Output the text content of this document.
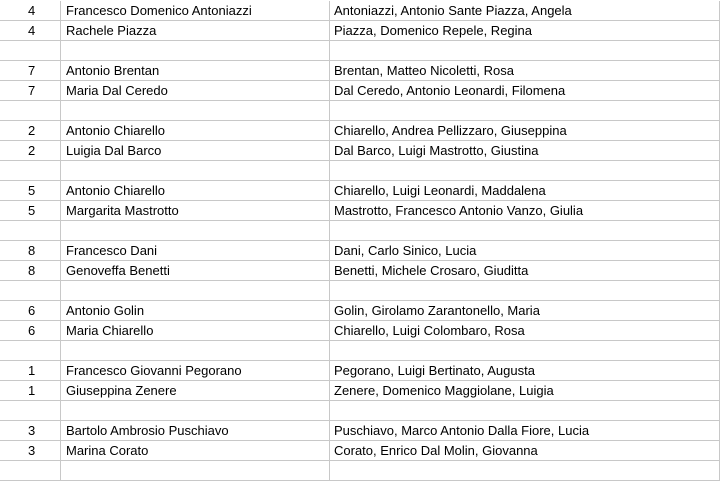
4	Francesco Domenico Antoniazzi	Antoniazzi, Antonio Sante Piazza, Angela
4	Rachele Piazza	Piazza, Domenico Repele, Regina
7	Antonio Brentan	Brentan, Matteo Nicoletti, Rosa
7	Maria Dal Ceredo	Dal Ceredo, Antonio Leonardi, Filomena
2	Antonio Chiarello	Chiarello, Andrea Pellizzaro, Giuseppina
2	Luigia Dal Barco	Dal Barco, Luigi Mastrotto, Giustina
5	Antonio Chiarello	Chiarello, Luigi Leonardi, Maddalena
5	Margarita Mastrotto	Mastrotto, Francesco Antonio Vanzo, Giulia
8	Francesco Dani	Dani, Carlo Sinico, Lucia
8	Genoveffa Benetti	Benetti, Michele Crosaro, Giuditta
6	Antonio Golin	Golin, Girolamo Zarantonello, Maria
6	Maria Chiarello	Chiarello, Luigi Colombaro, Rosa
1	Francesco Giovanni Pegorano	Pegorano, Luigi Bertinato, Augusta
1	Giuseppina Zenere	Zenere, Domenico Maggiolane, Luigia
3	Bartolo Ambrosio Puschiavo	Puschiavo, Marco Antonio Dalla Fiore, Lucia
3	Marina Corato	Corato, Enrico Dal Molin, Giovanna
